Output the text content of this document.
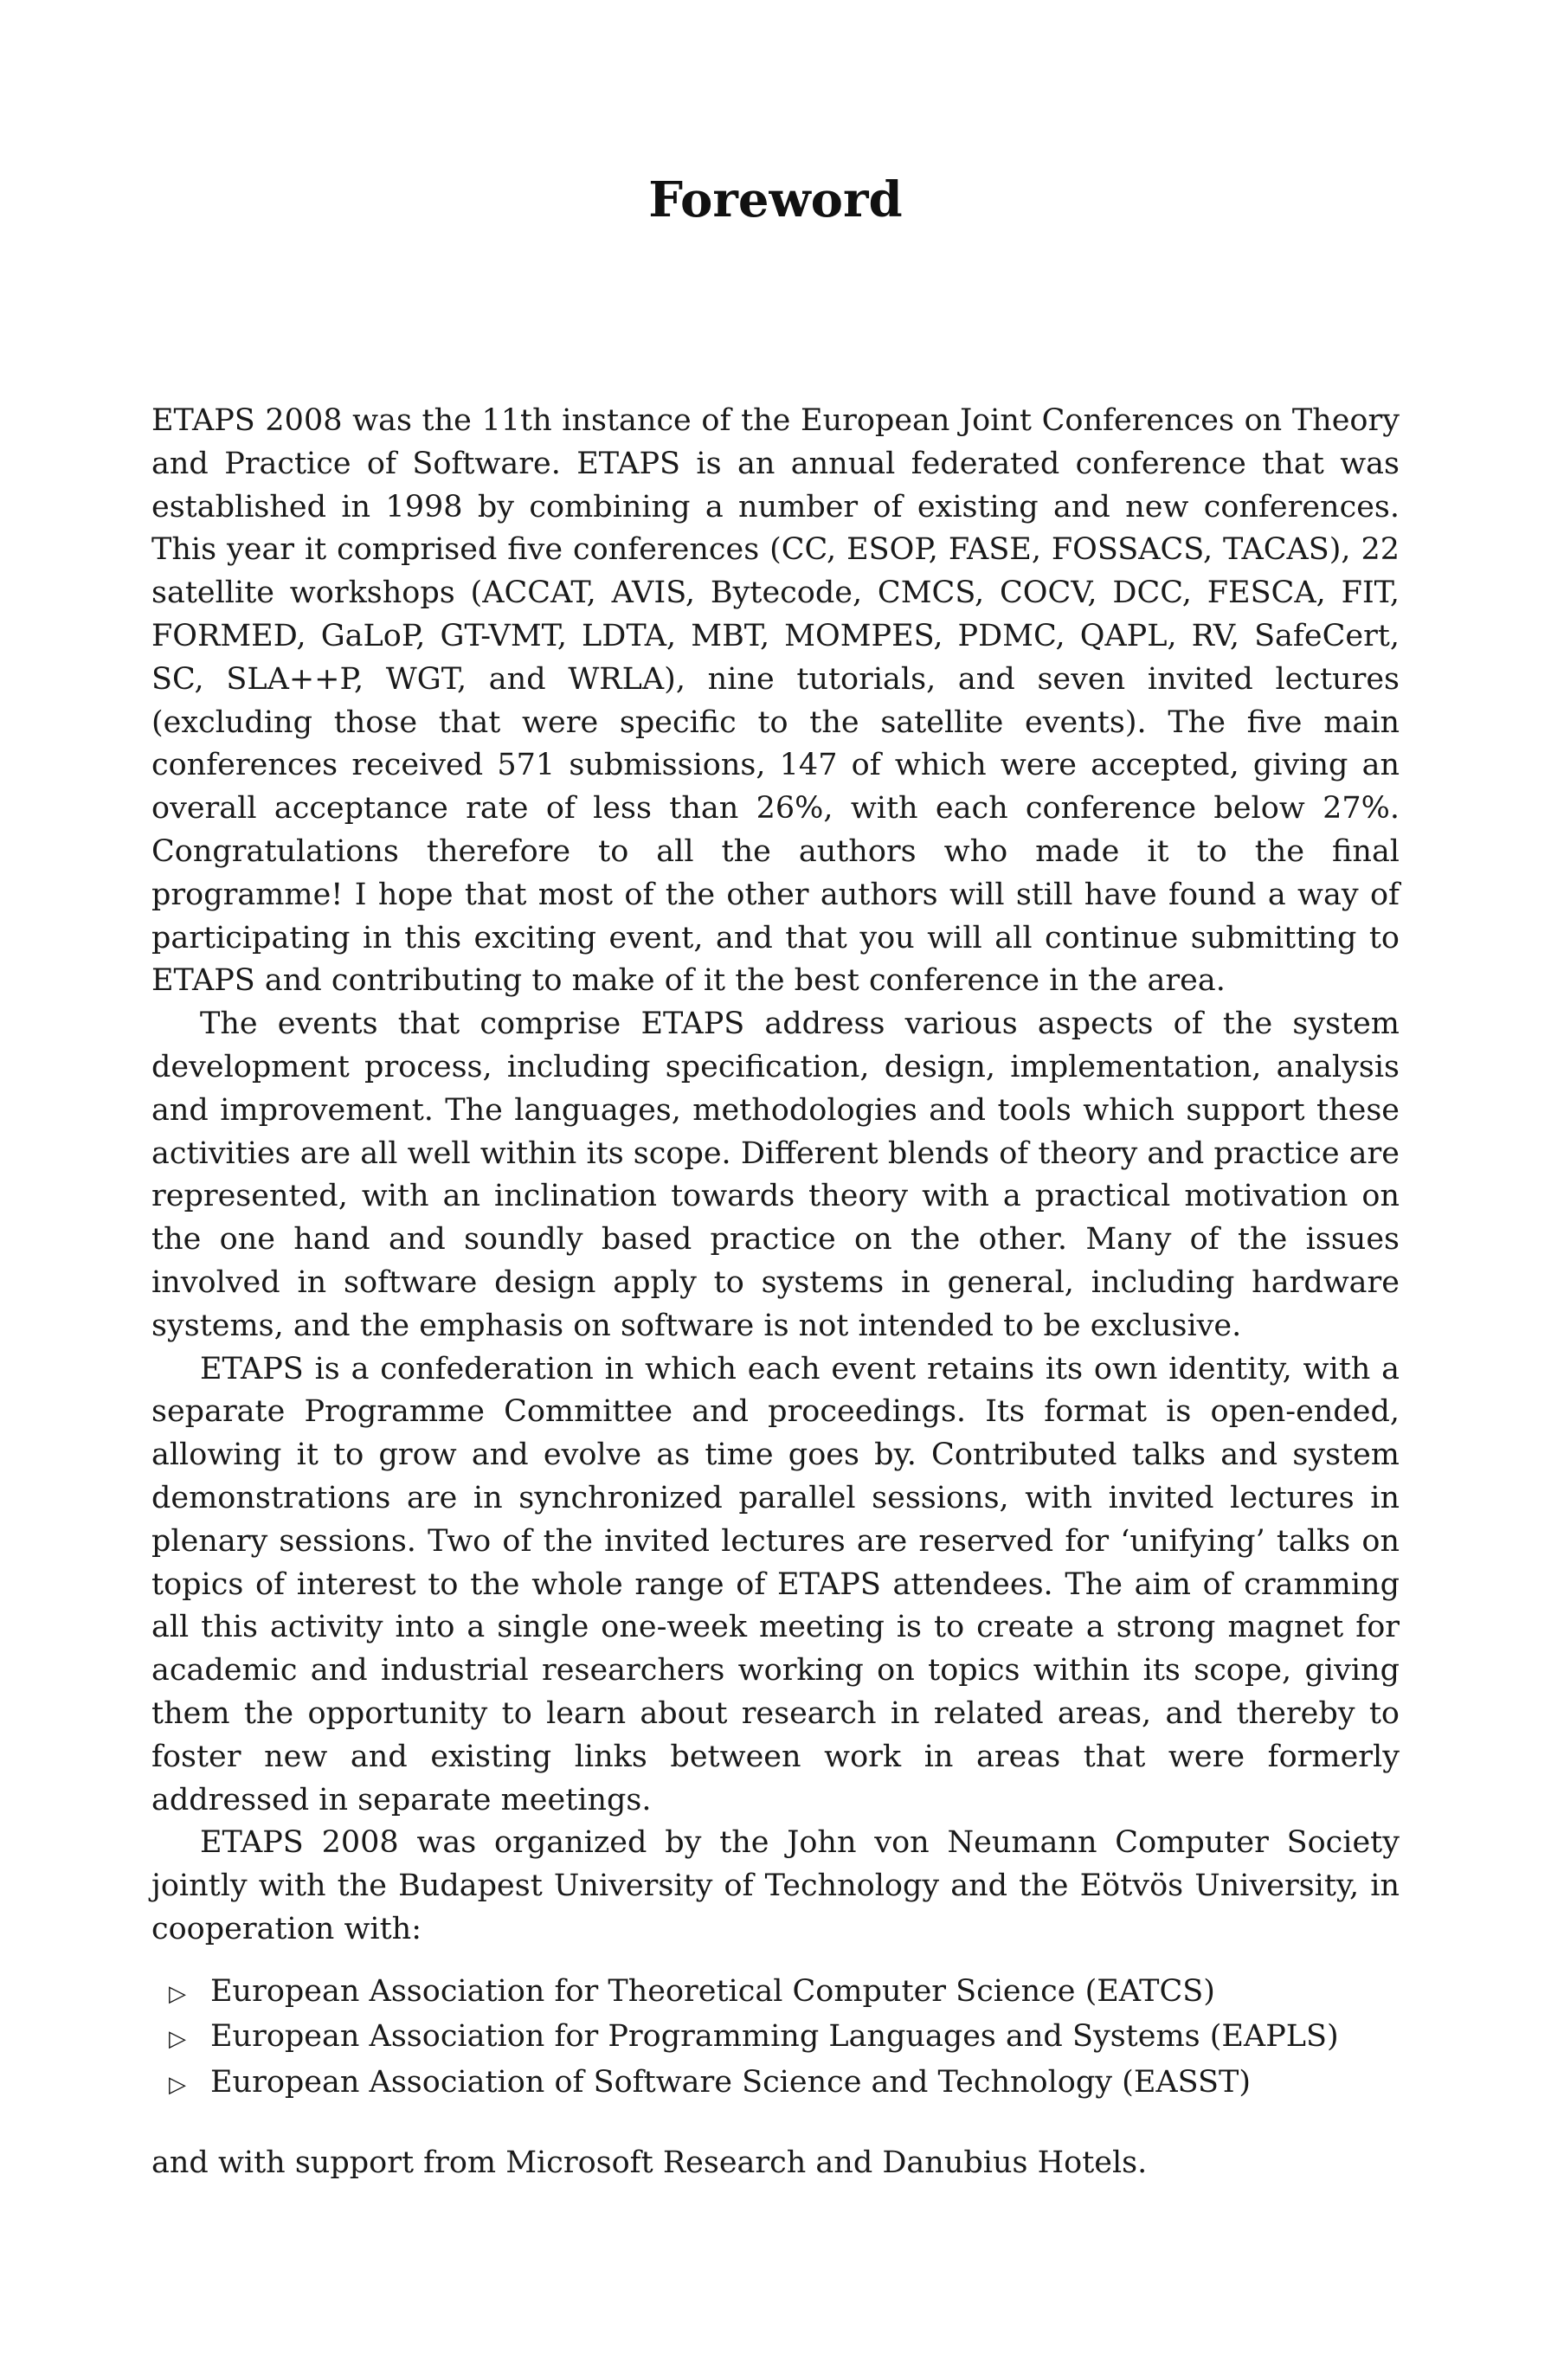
Foreword

ETAPS 2008 was the 11th instance of the European Joint Conferences on Theory and Practice of Software. ETAPS is an annual federated conference that was established in 1998 by combining a number of existing and new conferences. This year it comprised five conferences (CC, ESOP, FASE, FOSSACS, TACAS), 22 satellite workshops (ACCAT, AVIS, Bytecode, CMCS, COCV, DCC, FESCA, FIT, FORMED, GaLoP, GT-VMT, LDTA, MBT, MOMPES, PDMC, QAPL, RV, SafeCert, SC, SLA++P, WGT, and WRLA), nine tutorials, and seven invited lectures (excluding those that were specific to the satellite events). The five main conferences received 571 submissions, 147 of which were accepted, giving an overall acceptance rate of less than 26%, with each conference below 27%. Congratulations therefore to all the authors who made it to the final programme! I hope that most of the other authors will still have found a way of participating in this exciting event, and that you will all continue submitting to ETAPS and contributing to make of it the best conference in the area.

The events that comprise ETAPS address various aspects of the system development process, including specification, design, implementation, analysis and improvement. The languages, methodologies and tools which support these activities are all well within its scope. Different blends of theory and practice are represented, with an inclination towards theory with a practical motivation on the one hand and soundly based practice on the other. Many of the issues involved in software design apply to systems in general, including hardware systems, and the emphasis on software is not intended to be exclusive.

ETAPS is a confederation in which each event retains its own identity, with a separate Programme Committee and proceedings. Its format is open-ended, allowing it to grow and evolve as time goes by. Contributed talks and system demonstrations are in synchronized parallel sessions, with invited lectures in plenary sessions. Two of the invited lectures are reserved for ‘unifying’ talks on topics of interest to the whole range of ETAPS attendees. The aim of cramming all this activity into a single one-week meeting is to create a strong magnet for academic and industrial researchers working on topics within its scope, giving them the opportunity to learn about research in related areas, and thereby to foster new and existing links between work in areas that were formerly addressed in separate meetings.

ETAPS 2008 was organized by the John von Neumann Computer Society jointly with the Budapest University of Technology and the Eötvös University, in cooperation with:

▷ European Association for Theoretical Computer Science (EATCS)
▷ European Association for Programming Languages and Systems (EAPLS)
▷ European Association of Software Science and Technology (EASST)

and with support from Microsoft Research and Danubius Hotels.
